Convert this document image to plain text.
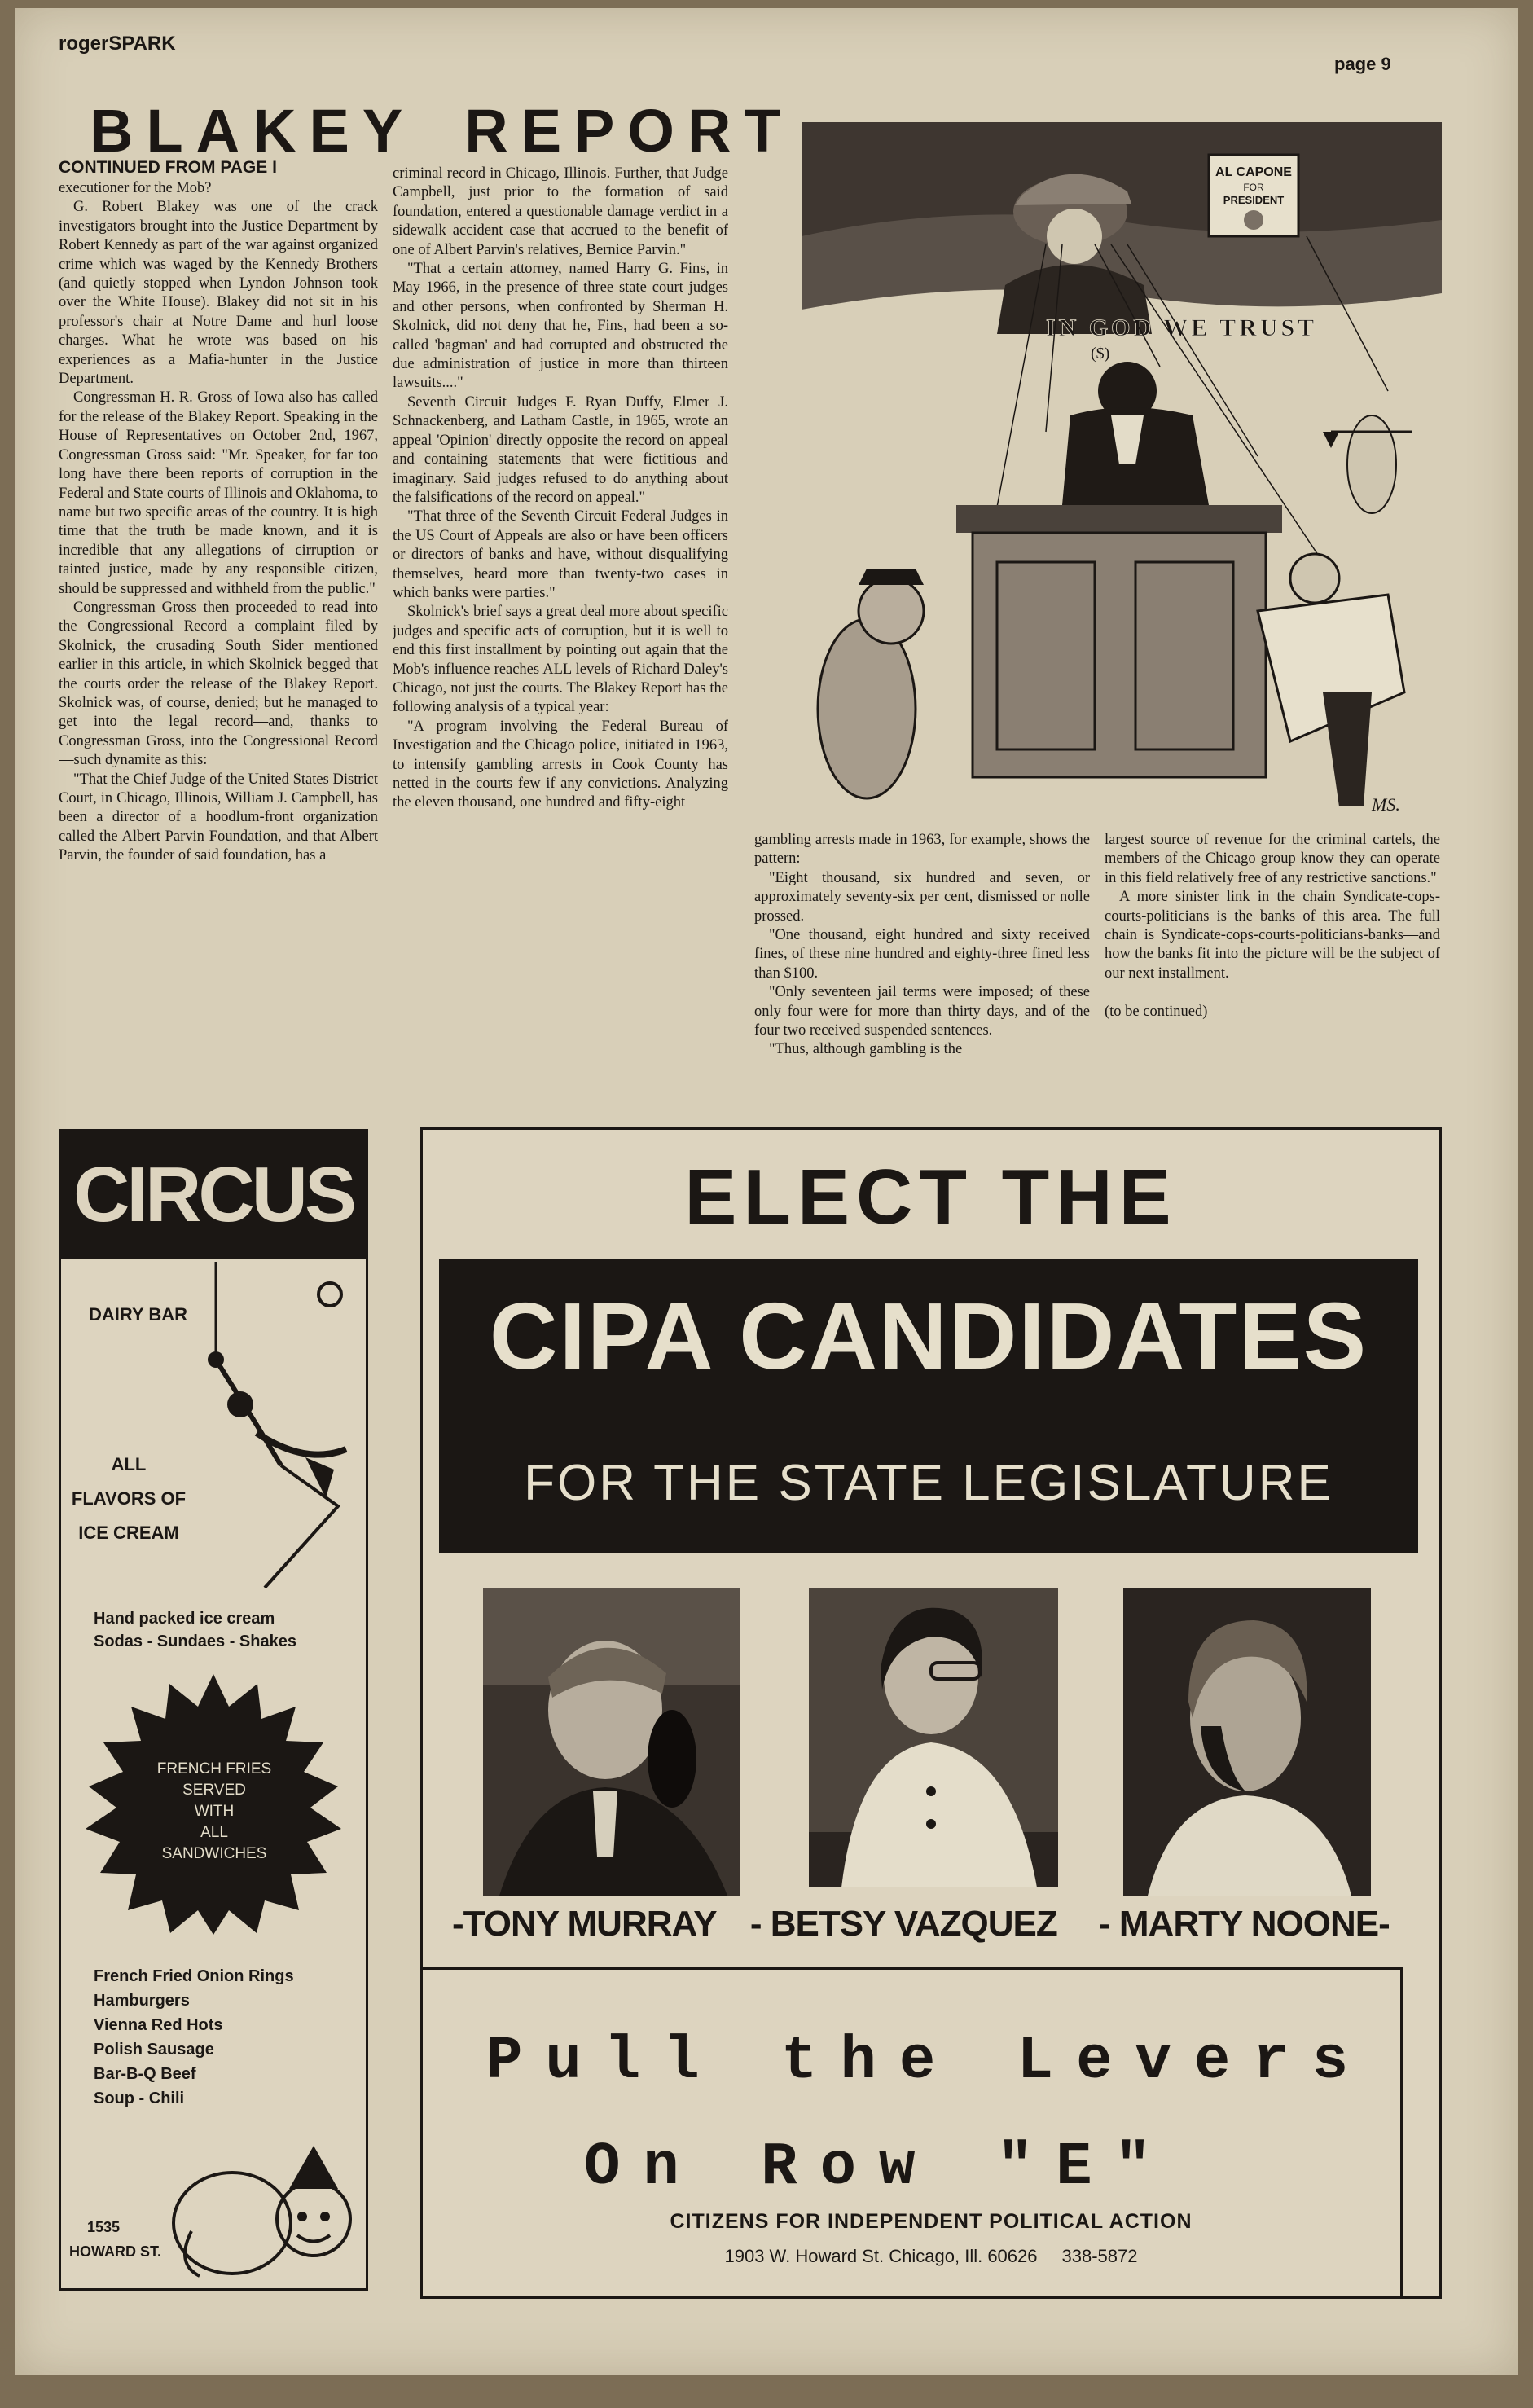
rogerSPARK
page 9
BLAKEY REPORT
CONTINUED FROM PAGE I

executioner for the Mob?

G. Robert Blakey was one of the crack investigators brought into the Justice Department by Robert Kennedy as part of the war against organized crime which was waged by the Kennedy Brothers (and quietly stopped when Lyndon Johnson took over the White House). Blakey did not sit in his professor's chair at Notre Dame and hurl loose charges. What he wrote was based on his experiences as a Mafia-hunter in the Justice Department.

Congressman H. R. Gross of Iowa also has called for the release of the Blakey Report. Speaking in the House of Representatives on October 2nd, 1967, Congressman Gross said: "Mr. Speaker, for far too long have there been reports of corruption in the Federal and State courts of Illinois and Oklahoma, to name but two specific areas of the country. It is high time that the truth be made known, and it is incredible that any allegations of cirruption or tainted justice, made by any responsible citizen, should be suppressed and withheld from the public."

Congressman Gross then proceeded to read into the Congressional Record a complaint filed by Skolnick, the crusading South Sider mentioned earlier in this article, in which Skolnick begged that the courts order the release of the Blakey Report. Skolnick was, of course, denied; but he managed to get into the legal record—and, thanks to Congressman Gross, into the Congressional Record—such dynamite as this:

"That the Chief Judge of the United States District Court, in Chicago, Illinois, William J. Campbell, has been a director of a hoodlum-front organization called the Albert Parvin Foundation, and that Albert Parvin, the founder of said foundation, has a

criminal record in Chicago, Illinois. Further, that Judge Campbell, just prior to the formation of said foundation, entered a questionable damage verdict in a sidewalk accident case that accrued to the benefit of one of Albert Parvin's relatives, Bernice Parvin."

"That a certain attorney, named Harry G. Fins, in May 1966, in the presence of three state court judges and other persons, when confronted by Sherman H. Skolnick, did not deny that he, Fins, had been a so-called 'bagman' and had corrupted and obstructed the due administration of justice in more than thirteen lawsuits...."

Seventh Circuit Judges F. Ryan Duffy, Elmer J. Schnackenberg, and Latham Castle, in 1965, wrote an appeal 'Opinion' directly opposite the record on appeal and containing statements that were fictitious and imaginary. Said judges refused to do anything about the falsifications of the record on appeal."

"That three of the Seventh Circuit Federal Judges in the US Court of Appeals are also or have been officers or directors of banks and have, without disqualifying themselves, heard more than twenty-two cases in which banks were parties."

Skolnick's brief says a great deal more about specific judges and specific acts of corruption, but it is well to end this first installment by pointing out again that the Mob's influence reaches ALL levels of Richard Daley's Chicago, not just the courts. The Blakey Report has the following analysis of a typical year:

"A program involving the Federal Bureau of Investigation and the Chicago police, initiated in 1963, to intensify gambling arrests in Cook County has netted in the courts few if any convictions. Analyzing the eleven thousand, one hundred and fifty-eight

gambling arrests made in 1963, for example, shows the pattern:

"Eight thousand, six hundred and seven, or approximately seventy-six per cent, dismissed or nolle prossed.

"One thousand, eight hundred and sixty received fines, of these nine hundred and eighty-three fined less than $100.

"Only seventeen jail terms were imposed; of these only four were for more than thirty days, and of the four two received suspended sentences.

"Thus, although gambling is the

largest source of revenue for the criminal cartels, the members of the Chicago group know they can operate in this field relatively free of any restrictive sanctions."

A more sinister link in the chain Syndicate-cops-courts-politicians is the banks of this area. The full chain is Syndicate-cops-courts-politicians-banks—and how the banks fit into the picture will be the subject of our next installment.

(to be continued)

AL CAPONE
FOR
PRESIDENT
IN GOD WE TRUST
($)
MS.
CIRCUS
DAIRY BAR
ALL
FLAVORS OF
ICE CREAM
Hand packed ice cream
Sodas - Sundaes - Shakes
FRENCH FRIES
SERVED
WITH
ALL
SANDWICHES
French Fried Onion Rings
Hamburgers
Vienna Red Hots
Polish Sausage
Bar-B-Q Beef
Soup - Chili
1535
HOWARD ST.
ELECT THE
CIPA CANDIDATES
FOR THE STATE LEGISLATURE
-TONY MURRAY - BETSY VAZQUEZ - MARTY NOONE-
Pull the Levers
On Row "E"
CITIZENS FOR INDEPENDENT POLITICAL ACTION
1903 W. Howard St. Chicago, Ill. 60626 338-5872
